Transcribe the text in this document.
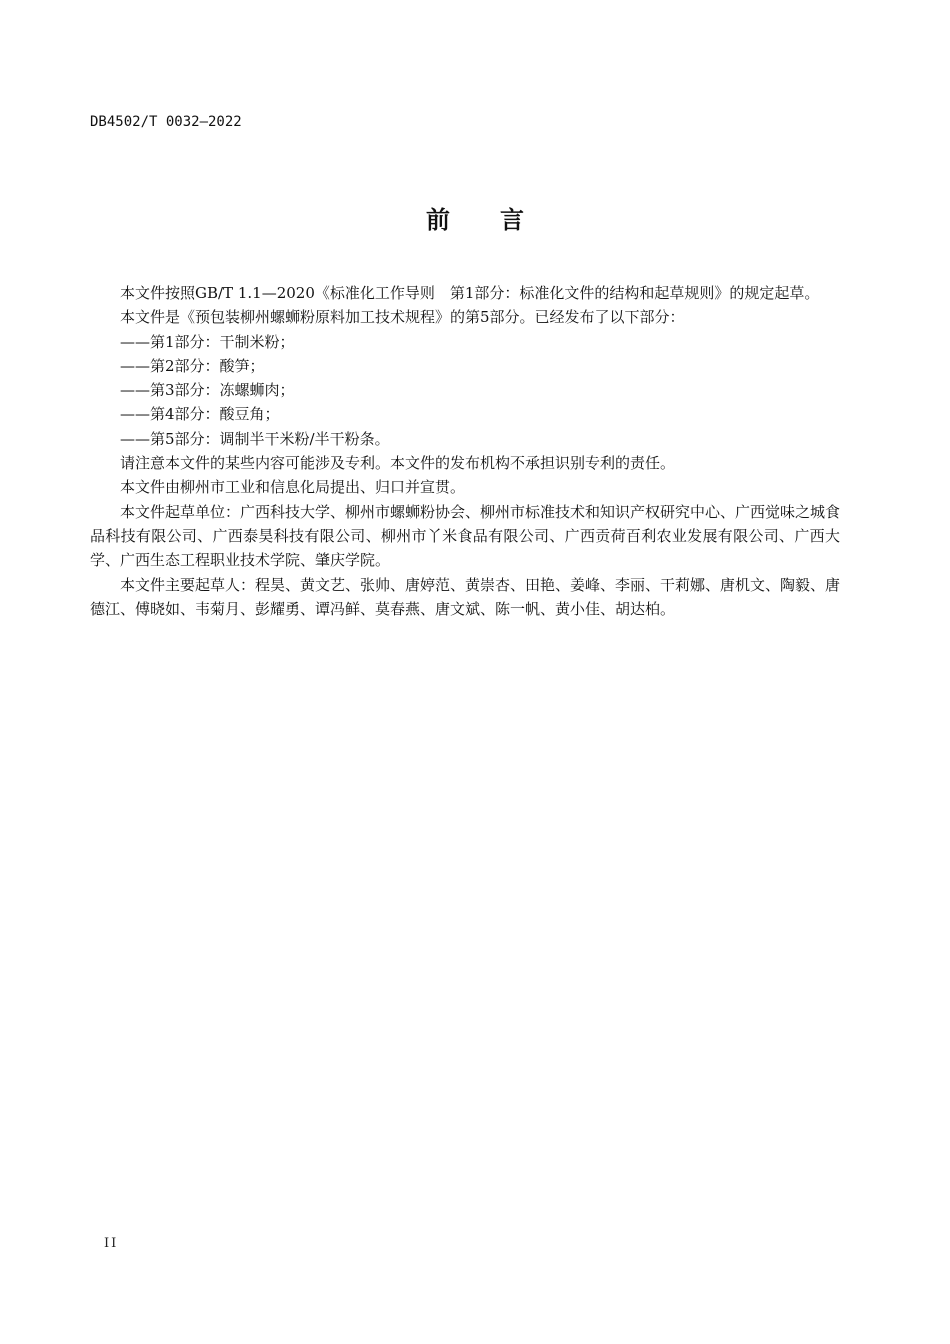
DB4502/T 0032—2022
前言

本文件按照GB/T 1.1—2020《标准化工作导则　第1部分：标准化文件的结构和起草规则》的规定起草。

本文件是《预包装柳州螺蛳粉原料加工技术规程》的第5部分。已经发布了以下部分：

——第1部分：干制米粉；

——第2部分：酸笋；

——第3部分：冻螺蛳肉；

——第4部分：酸豆角；

——第5部分：调制半干米粉/半干粉条。

请注意本文件的某些内容可能涉及专利。本文件的发布机构不承担识别专利的责任。

本文件由柳州市工业和信息化局提出、归口并宣贯。

本文件起草单位：广西科技大学、柳州市螺蛳粉协会、柳州市标准技术和知识产权研究中心、广西觉味之城食品科技有限公司、广西泰昊科技有限公司、柳州市丫米食品有限公司、广西贡荷百利农业发展有限公司、广西大学、广西生态工程职业技术学院、肇庆学院。

本文件主要起草人：程昊、黄文艺、张帅、唐婷范、黄崇杏、田艳、姜峰、李丽、干莉娜、唐机文、陶毅、唐德江、傅晓如、韦菊月、彭耀勇、谭冯鲜、莫春燕、唐文斌、陈一帆、黄小佳、胡达柏。

II
